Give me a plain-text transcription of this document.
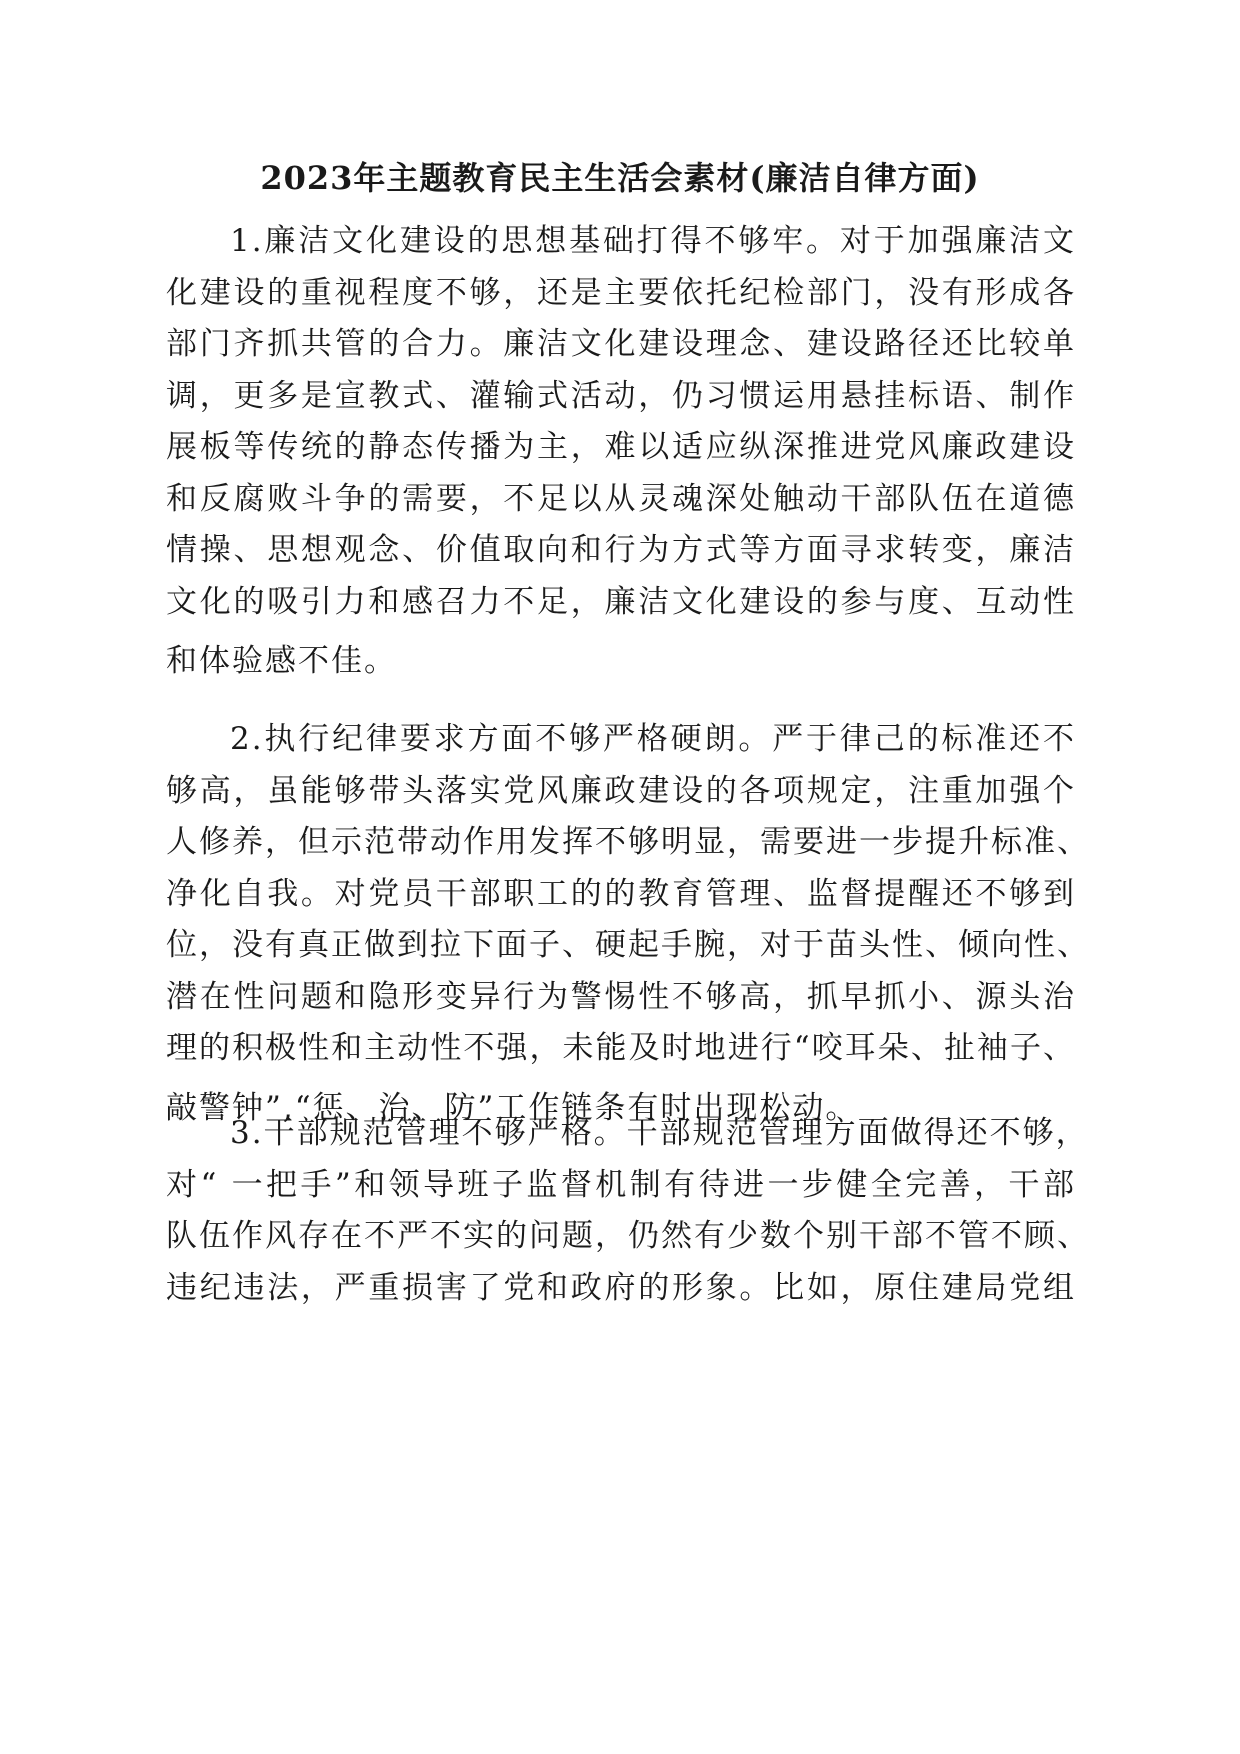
2023年主题教育民主生活会素材(廉洁自律方面)
1.廉洁文化建设的思想基础打得不够牢。对于加强廉洁文
化建设的重视程度不够，还是主要依托纪检部门，没有形成各
部门齐抓共管的合力。廉洁文化建设理念、建设路径还比较单
调，更多是宣教式、灌输式活动，仍习惯运用悬挂标语、制作
展板等传统的静态传播为主，难以适应纵深推进党风廉政建设
和反腐败斗争的需要，不足以从灵魂深处触动干部队伍在道德
情操、思想观念、价值取向和行为方式等方面寻求转变，廉洁
文化的吸引力和感召力不足，廉洁文化建设的参与度、互动性
和体验感不佳。
2.执行纪律要求方面不够严格硬朗。严于律己的标准还不
够高，虽能够带头落实党风廉政建设的各项规定，注重加强个
人修养，但示范带动作用发挥不够明显，需要进一步提升标准、
净化自我。对党员干部职工的的教育管理、监督提醒还不够到
位，没有真正做到拉下面子、硬起手腕，对于苗头性、倾向性、
潜在性问题和隐形变异行为警惕性不够高，抓早抓小、源头治
理的积极性和主动性不强，未能及时地进行“咬耳朵、扯袖子、
敲警钟”,“惩、治、防”工作链条有时出现松动。
3.干部规范管理不够严格。干部规范管理方面做得还不够，
对“ 一把手”和领导班子监督机制有待进一步健全完善，干部
队伍作风存在不严不实的问题，仍然有少数个别干部不管不顾、
违纪违法，严重损害了党和政府的形象。比如，原住建局党组
